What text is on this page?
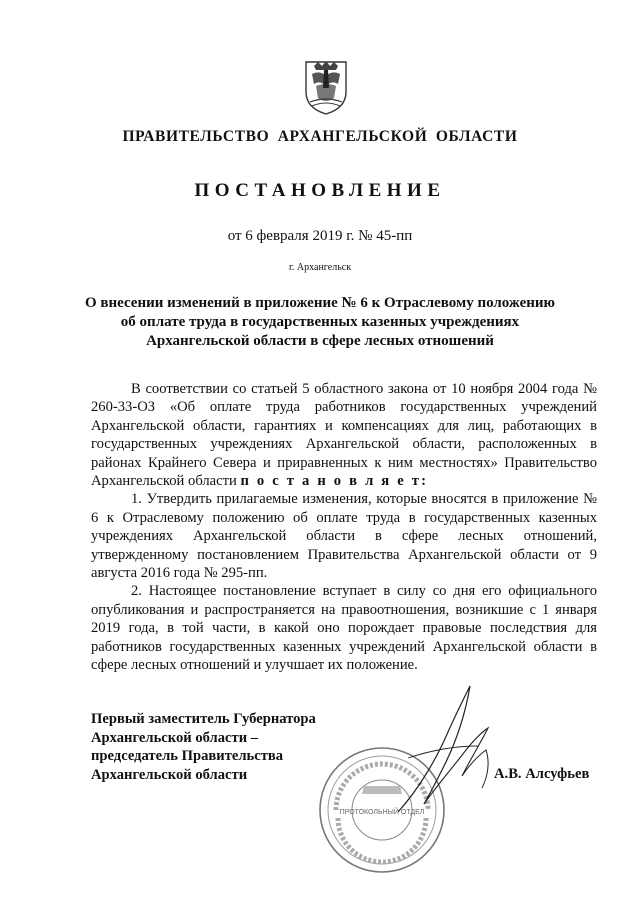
ПРАВИТЕЛЬСТВО АРХАНГЕЛЬСКОЙ ОБЛАСТИ
ПОСТАНОВЛЕНИЕ
от 6 февраля 2019 г. № 45-пп
г. Архангельск
О внесении изменений в приложение № 6 к Отраслевому положению
об оплате труда в государственных казенных учреждениях
Архангельской области в сфере лесных отношений

В соответствии со статьей 5 областного закона от 10 ноября 2004 года № 260-33-ОЗ «Об оплате труда работников государственных учреждений Архангельской области, гарантиях и компенсациях для лиц, работающих в государственных учреждениях Архангельской области, расположенных в районах Крайнего Севера и приравненных к ним местностях» Правительство Архангельской области п о с т а н о в л я е т:

1. Утвердить прилагаемые изменения, которые вносятся в приложение № 6 к Отраслевому положению об оплате труда в государственных казенных учреждениях Архангельской области в сфере лесных отношений, утвержденному постановлением Правительства Архангельской области от 9 августа 2016 года № 295-пп.

2. Настоящее постановление вступает в силу со дня его официального опубликования и распространяется на правоотношения, возникшие с 1 января 2019 года, в той части, в какой оно порождает правовые последствия для работников государственных казенных учреждений Архангельской области в сфере лесных отношений и улучшает их положение.

Первый заместитель Губернатора
Архангельской области –
председатель Правительства
Архангельской области	А.В. Алсуфьев
ПРОТОКОЛЬНЫЙ ОТДЕЛ
